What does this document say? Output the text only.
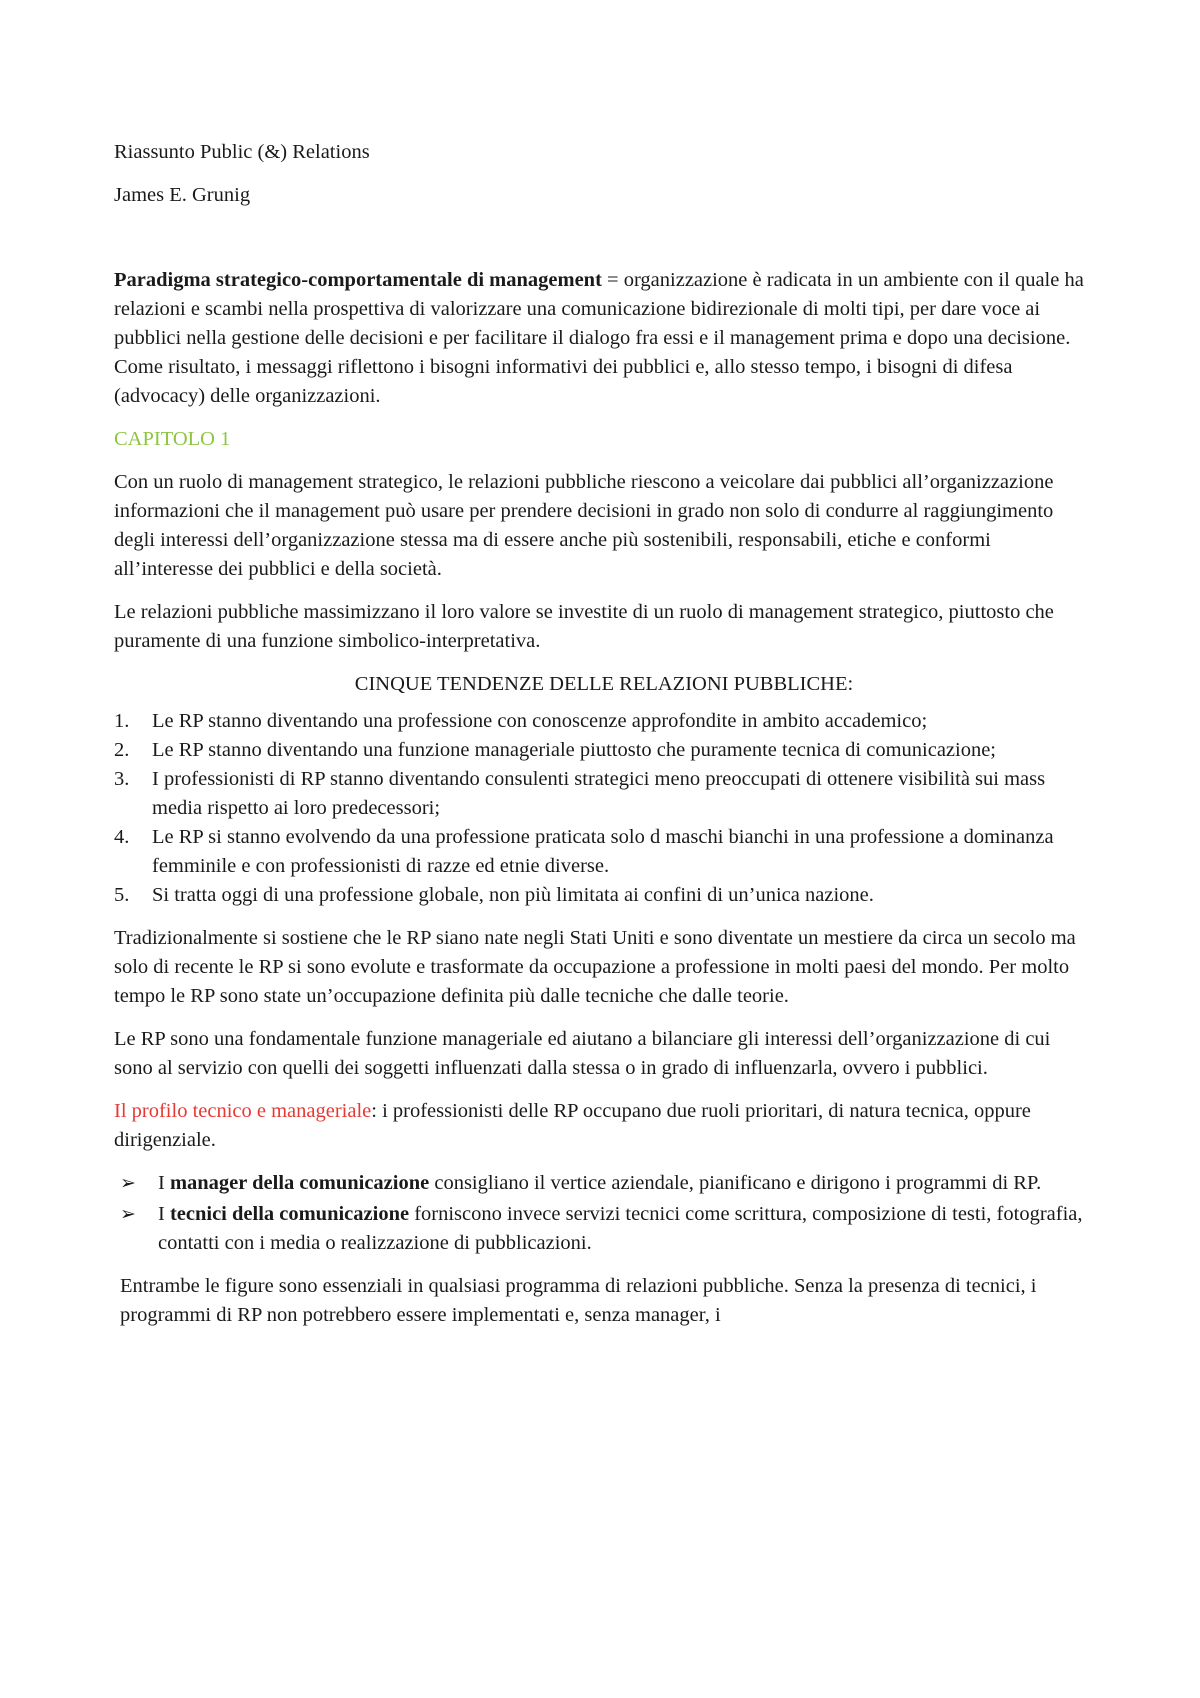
Riassunto Public (&) Relations

James E. Grunig

Paradigma strategico-comportamentale di management = organizzazione è radicata in un ambiente con il quale ha relazioni e scambi nella prospettiva di valorizzare una comunicazione bidirezionale di molti tipi, per dare voce ai pubblici nella gestione delle decisioni e per facilitare il dialogo fra essi e il management prima e dopo una decisione. Come risultato, i messaggi riflettono i bisogni informativi dei pubblici e, allo stesso tempo, i bisogni di difesa (advocacy) delle organizzazioni.

CAPITOLO 1

Con un ruolo di management strategico, le relazioni pubbliche riescono a veicolare dai pubblici all’organizzazione informazioni che il management può usare per prendere decisioni in grado non solo di condurre al raggiungimento degli interessi dell’organizzazione stessa ma di essere anche più sostenibili, responsabili, etiche e conformi all’interesse dei pubblici e della società.

Le relazioni pubbliche massimizzano il loro valore se investite di un ruolo di management strategico, piuttosto che puramente di una funzione simbolico-interpretativa.

CINQUE TENDENZE DELLE RELAZIONI PUBBLICHE:

1. Le RP stanno diventando una professione con conoscenze approfondite in ambito accademico;
2. Le RP stanno diventando una funzione manageriale piuttosto che puramente tecnica di comunicazione;
3. I professionisti di RP stanno diventando consulenti strategici meno preoccupati di ottenere visibilità sui mass media rispetto ai loro predecessori;
4. Le RP si stanno evolvendo da una professione praticata solo d maschi bianchi in una professione a dominanza femminile e con professionisti di razze ed etnie diverse.
5. Si tratta oggi di una professione globale, non più limitata ai confini di un’unica nazione.

Tradizionalmente si sostiene che le RP siano nate negli Stati Uniti e sono diventate un mestiere da circa un secolo ma solo di recente le RP si sono evolute e trasformate da occupazione a professione in molti paesi del mondo. Per molto tempo le RP sono state un’occupazione definita più dalle tecniche che dalle teorie.

Le RP sono una fondamentale funzione manageriale ed aiutano a bilanciare gli interessi dell’organizzazione di cui sono al servizio con quelli dei soggetti influenzati dalla stessa o in grado di influenzarla, ovvero i pubblici.

Il profilo tecnico e manageriale: i professionisti delle RP occupano due ruoli prioritari, di natura tecnica, oppure dirigenziale.

➢ I manager della comunicazione consigliano il vertice aziendale, pianificano e dirigono i programmi di RP.
➢ I tecnici della comunicazione forniscono invece servizi tecnici come scrittura, composizione di testi, fotografia, contatti con i media o realizzazione di pubblicazioni.

Entrambe le figure sono essenziali in qualsiasi programma di relazioni pubbliche. Senza la presenza di tecnici, i programmi di RP non potrebbero essere implementati e, senza manager, i
